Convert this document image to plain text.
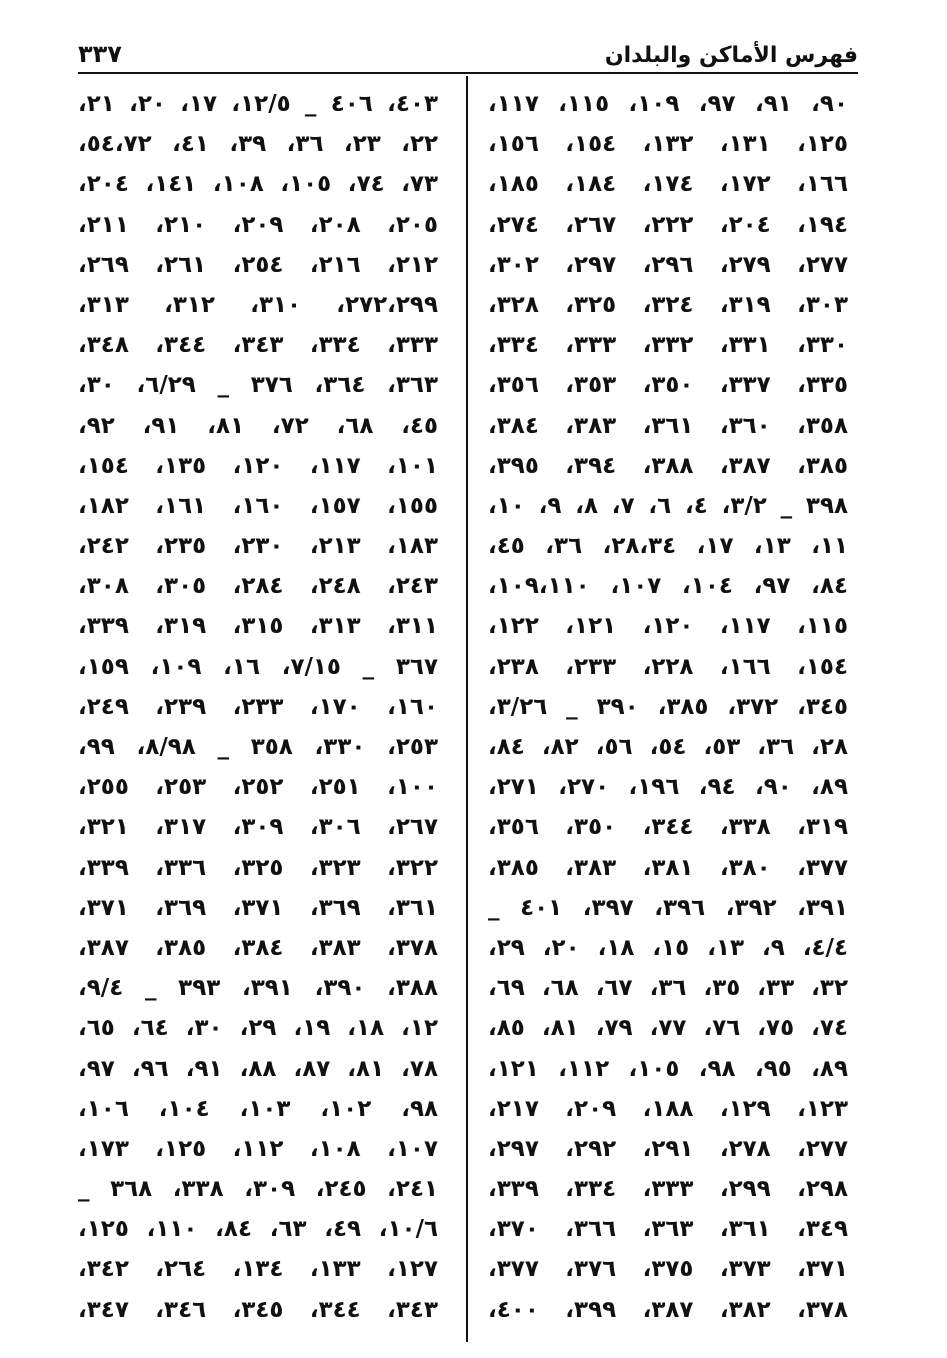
٣٣٧	فهرس الأماكن والبلدان
٩٠، ٩١، ٩٧، ١٠٩، ١١٥، ١١٧،
١٢٥، ١٣١، ١٣٢، ١٥٤، ١٥٦،
١٦٦، ١٧٢، ١٧٤، ١٨٤، ١٨٥،
١٩٤، ٢٠٤، ٢٢٢، ٢٦٧، ٢٧٤،
٢٧٧، ٢٧٩، ٢٩٦، ٢٩٧، ٣٠٢،
٣٠٣، ٣١٩، ٣٢٤، ٣٢٥، ٣٢٨،
٣٣٠، ٣٣١، ٣٣٢، ٣٣٣، ٣٣٤،
٣٣٥، ٣٣٧، ٣٥٠، ٣٥٣، ٣٥٦،
٣٥٨، ٣٦٠، ٣٦١، ٣٨٣، ٣٨٤،
٣٨٥، ٣٨٧، ٣٨٨، ٣٩٤، ٣٩٥،
٣٩٨ _ ٣/٢، ٤، ٦، ٧، ٨، ٩، ١٠،
١١، ١٣، ١٧، ٢٨،٣٤، ٣٦، ٤٥،
٨٤، ٩٧، ١٠٤، ١٠٧، ١٠٩،١١٠،
١١٥، ١١٧، ١٢٠، ١٢١، ١٢٢،
١٥٤، ١٦٦، ٢٢٨، ٢٣٣، ٢٣٨،
٣٤٥، ٣٧٢، ٣٨٥، ٣٩٠ _ ٣/٢٦،
٢٨، ٣٦، ٥٣، ٥٤، ٥٦، ٨٢، ٨٤،
٨٩، ٩٠، ٩٤، ١٩٦، ٢٧٠، ٢٧١،
٣١٩، ٣٣٨، ٣٤٤، ٣٥٠، ٣٥٦،
٣٧٧، ٣٨٠، ٣٨١، ٣٨٣، ٣٨٥،
٣٩١، ٣٩٢، ٣٩٦، ٣٩٧، ٤٠١ _
٤/٤، ٩، ١٣، ١٥، ١٨، ٢٠، ٢٩،
٣٢، ٣٣، ٣٥، ٣٦، ٦٧، ٦٨، ٦٩،
٧٤، ٧٥، ٧٦، ٧٧، ٧٩، ٨١، ٨٥،
٨٩، ٩٥، ٩٨، ١٠٥، ١١٢، ١٢١،
١٢٣، ١٢٩، ١٨٨، ٢٠٩، ٢١٧،
٢٧٧، ٢٧٨، ٢٩١، ٢٩٢، ٢٩٧،
٢٩٨، ٢٩٩، ٣٣٣، ٣٣٤، ٣٣٩،
٣٤٩، ٣٦١، ٣٦٣، ٣٦٦، ٣٧٠،
٣٧١، ٣٧٣، ٣٧٥، ٣٧٦، ٣٧٧،
٣٧٨، ٣٨٢، ٣٨٧، ٣٩٩، ٤٠٠،
٤٠٣، ٤٠٦ _ ١٢/٥، ١٧، ٢٠، ٢١،
٢٢، ٢٣، ٣٦، ٣٩، ٤١، ٥٤،٧٢،
٧٣، ٧٤، ١٠٥، ١٠٨، ١٤١، ٢٠٤،
٢٠٥، ٢٠٨، ٢٠٩، ٢١٠، ٢١١،
٢١٢، ٢١٦، ٢٥٤، ٢٦١، ٢٦٩،
٢٧٢،٢٩٩، ٣١٠، ٣١٢، ٣١٣،
٣٣٣، ٣٣٤، ٣٤٣، ٣٤٤، ٣٤٨،
٣٦٣، ٣٦٤، ٣٧٦ _ ٦/٢٩، ٣٠،
٤٥، ٦٨، ٧٢، ٨١، ٩١، ٩٢،
١٠١، ١١٧، ١٢٠، ١٣٥، ١٥٤،
١٥٥، ١٥٧، ١٦٠، ١٦١، ١٨٢،
١٨٣، ٢١٣، ٢٣٠، ٢٣٥، ٢٤٢،
٢٤٣، ٢٤٨، ٢٨٤، ٣٠٥، ٣٠٨،
٣١١، ٣١٣، ٣١٥، ٣١٩، ٣٣٩،
٣٦٧ _ ٧/١٥، ١٦، ١٠٩، ١٥٩،
١٦٠، ١٧٠، ٢٣٣، ٢٣٩، ٢٤٩،
٢٥٣، ٣٣٠، ٣٥٨ _ ٨/٩٨، ٩٩،
١٠٠، ٢٥١، ٢٥٢، ٢٥٣، ٢٥٥،
٢٦٧، ٣٠٦، ٣٠٩، ٣١٧، ٣٢١،
٣٢٢، ٣٢٣، ٣٢٥، ٣٣٦، ٣٣٩،
٣٦١، ٣٦٩، ٣٧١، ٣٦٩، ٣٧١،
٣٧٨، ٣٨٣، ٣٨٤، ٣٨٥، ٣٨٧،
٣٨٨، ٣٩٠، ٣٩١، ٣٩٣ _ ٩/٤،
١٢، ١٨، ١٩، ٢٩، ٣٠، ٦٤، ٦٥،
٧٨، ٨١، ٨٧، ٨٨، ٩١، ٩٦، ٩٧،
٩٨، ١٠٢، ١٠٣، ١٠٤، ١٠٦،
١٠٧، ١٠٨، ١١٢، ١٢٥، ١٧٣،
٢٤١، ٢٤٥، ٣٠٩، ٣٣٨، ٣٦٨ _
١٠/٦، ٤٩، ٦٣، ٨٤، ١١٠، ١٢٥،
١٢٧، ١٣٣، ١٣٤، ٢٦٤، ٣٤٢،
٣٤٣، ٣٤٤، ٣٤٥، ٣٤٦، ٣٤٧،
